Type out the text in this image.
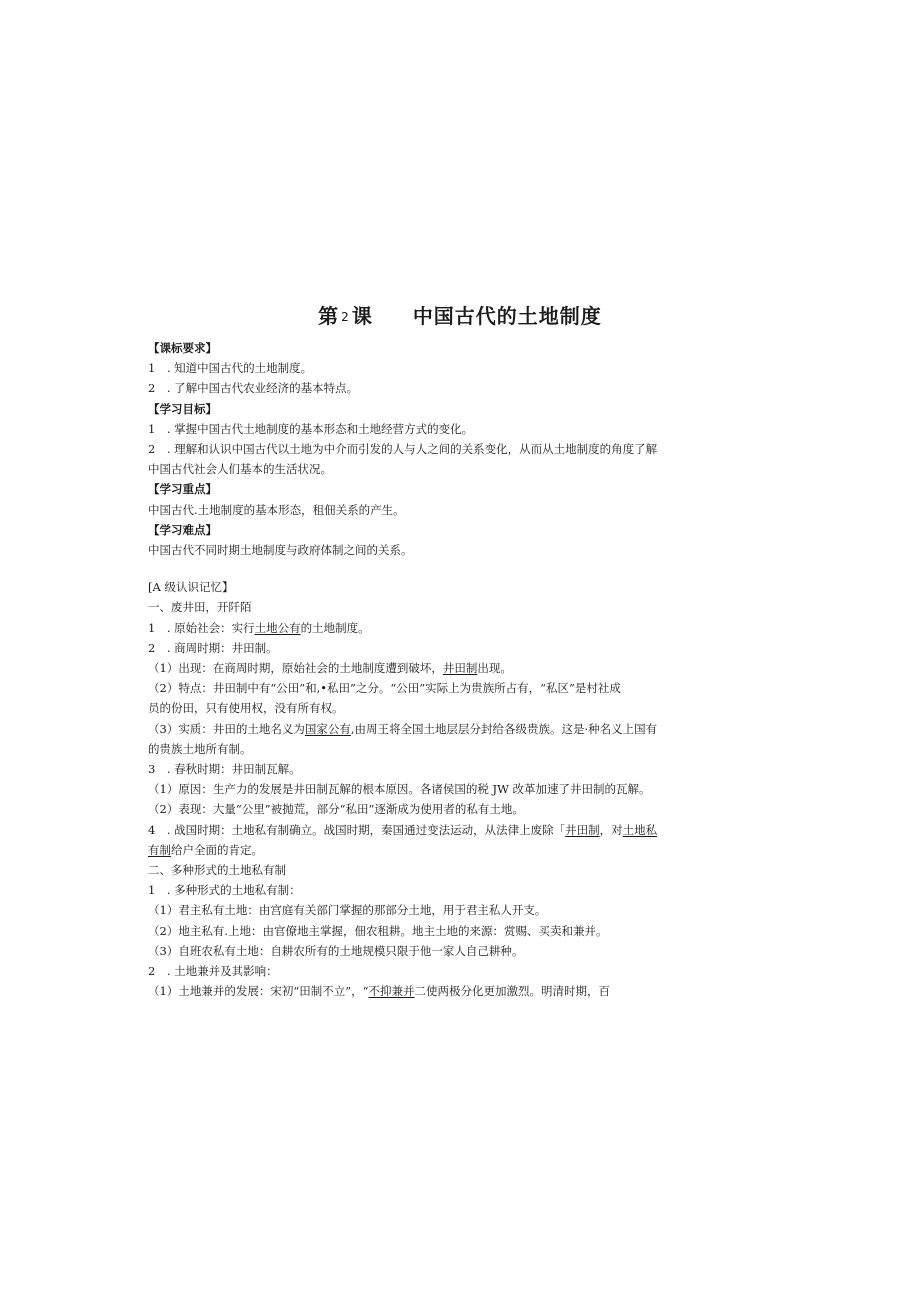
第 2 课 中国古代的土地制度
【课标要求】
1　. 知道中国古代的土地制度。
2　. 了解中国古代农业经济的基本特点。
【学习目标】
1　. 掌握中国古代土地制度的基本形态和土地经营方式的变化。
2　. 理解和认识中国古代以土地为中介而引发的人与人之间的关系变化，从而从土地制度的角度了解
中国古代社会人们基本的生活状况。
【学习重点】
中国古代.土地制度的基本形态，租佃关系的产生。
【学习难点】
中国古代不同时期土地制度与政府体制之间的关系。
[A 级认识记忆】
一、废井田，开阡陌
1　. 原始社会：实行土地公有的土地制度。
2　. 商周时期：井田制。
（1）出现：在商周时期，原始社会的土地制度遭到破坏，井田制出现。
（2）特点：井田制中有“公田”和,•私田”之分。“公田”实际上为贵族所占有，“私区”是村社成
员的份田，只有使用权，没有所有权。
（3）实质：井田的土地名义为国家公有,由周王将全国土地层层分封给各级贵族。这是·种名义上国有
的贵族土地所有制。
3　. 春秋时期：井田制瓦解。
（1）原因：生产力的发展是井田制瓦解的根本原因。各诸侯国的税 JW 改革加速了井田制的瓦解。
（2）表现：大量“公里”被抛荒，部分“私田”逐渐成为使用者的私有土地。
4　. 战国时期：土地私有制确立。战国时期，秦国通过变法运动，从法律上废除「井田制，对土地私
有制给户全面的肯定。
二、多种形式的土地私有制
1　. 多种形式的土地私有制：
（1）君主私有土地：由宫庭有关部门掌握的那部分土地，用于君主私人开支。
（2）地主私有.上地：由官僚地主掌握，佃农租耕。地主土地的来源：赏赐、买卖和兼并。
（3）自班农私有土地：自耕农所有的土地规模只限于他一家人自己耕种。
2　. 土地兼并及其影响：
（1）土地兼并的发展：宋初“田制不立”，“不抑兼并二使两极分化更加激烈。明清时期，百
